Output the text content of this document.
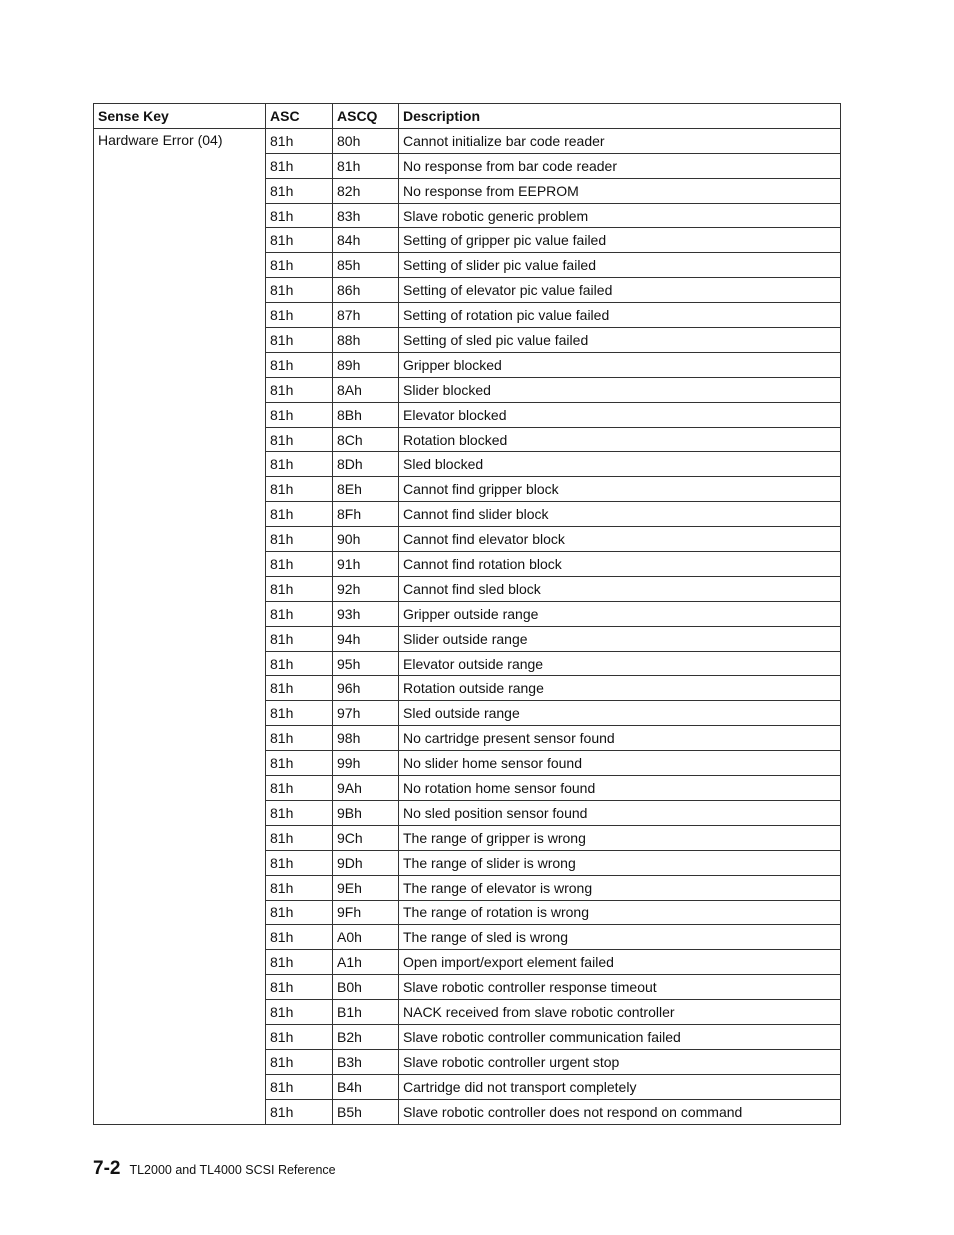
Sense Key	ASC	ASCQ	Description
Hardware Error (04)	81h	80h	Cannot initialize bar code reader
	81h	81h	No response from bar code reader
	81h	82h	No response from EEPROM
	81h	83h	Slave robotic generic problem
	81h	84h	Setting of gripper pic value failed
	81h	85h	Setting of slider pic value failed
	81h	86h	Setting of elevator pic value failed
	81h	87h	Setting of rotation pic value failed
	81h	88h	Setting of sled pic value failed
	81h	89h	Gripper blocked
	81h	8Ah	Slider blocked
	81h	8Bh	Elevator blocked
	81h	8Ch	Rotation blocked
	81h	8Dh	Sled blocked
	81h	8Eh	Cannot find gripper block
	81h	8Fh	Cannot find slider block
	81h	90h	Cannot find elevator block
	81h	91h	Cannot find rotation block
	81h	92h	Cannot find sled block
	81h	93h	Gripper outside range
	81h	94h	Slider outside range
	81h	95h	Elevator outside range
	81h	96h	Rotation outside range
	81h	97h	Sled outside range
	81h	98h	No cartridge present sensor found
	81h	99h	No slider home sensor found
	81h	9Ah	No rotation home sensor found
	81h	9Bh	No sled position sensor found
	81h	9Ch	The range of gripper is wrong
	81h	9Dh	The range of slider is wrong
	81h	9Eh	The range of elevator is wrong
	81h	9Fh	The range of rotation is wrong
	81h	A0h	The range of sled is wrong
	81h	A1h	Open import/export element failed
	81h	B0h	Slave robotic controller response timeout
	81h	B1h	NACK received from slave robotic controller
	81h	B2h	Slave robotic controller communication failed
	81h	B3h	Slave robotic controller urgent stop
	81h	B4h	Cartridge did not transport completely
	81h	B5h	Slave robotic controller does not respond on command
7-2 TL2000 and TL4000 SCSI Reference
